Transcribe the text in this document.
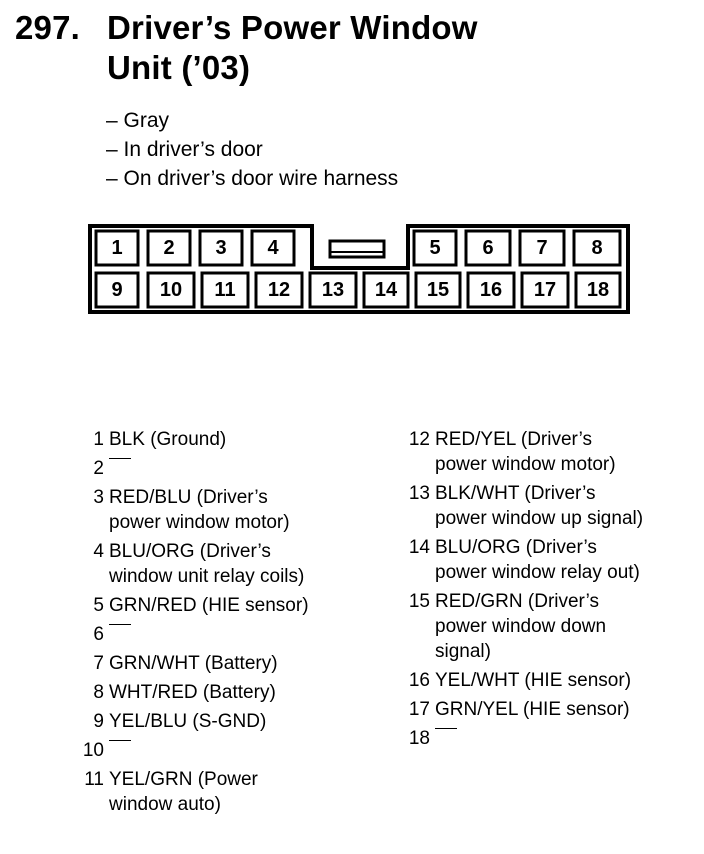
297. Driver’s Power Window
Unit (’03)
– Gray
– In driver’s door
– On driver’s door wire harness
1	2	3	4	5	6	7	8
9	10	11	12	13	14	15	16	17	18
1 BLK (Ground)
2
3 RED/BLU (Driver’s
power window motor)
4 BLU/ORG (Driver’s
window unit relay coils)
5 GRN/RED (HIE sensor)
6
7 GRN/WHT (Battery)
8 WHT/RED (Battery)
9 YEL/BLU (S-GND)
10
11 YEL/GRN (Power
window auto)
12 RED/YEL (Driver’s
power window motor)
13 BLK/WHT (Driver’s
power window up signal)
14 BLU/ORG (Driver’s
power window relay out)
15 RED/GRN (Driver’s
power window down
signal)
16 YEL/WHT (HIE sensor)
17 GRN/YEL (HIE sensor)
18
